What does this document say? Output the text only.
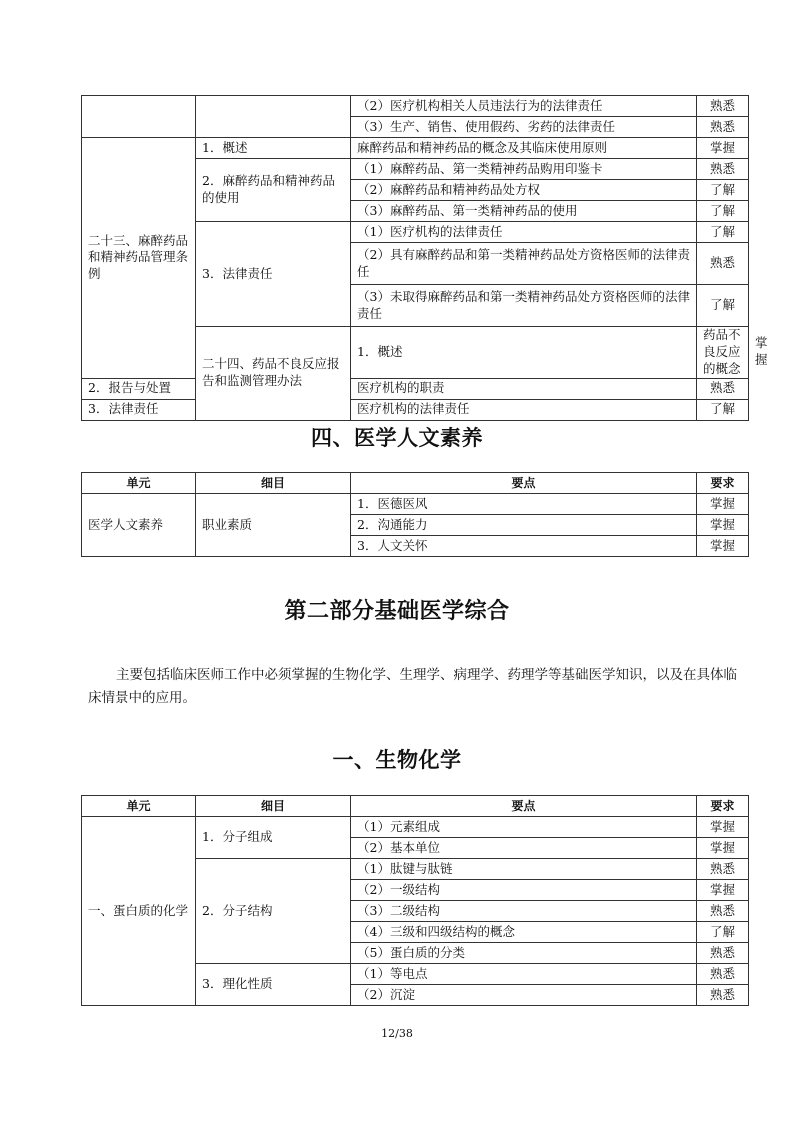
		（2）医疗机构相关人员违法行为的法律责任	熟悉	
		（3）生产、销售、使用假药、劣药的法律责任	熟悉	
二十三、麻醉药品和精神药品管理条例	1．概述	麻醉药品和精神药品的概念及其临床使用原则	掌握	
	2．麻醉药品和精神药品的使用	（1）麻醉药品、第一类精神药品购用印鉴卡	熟悉	
		（2）麻醉药品和精神药品处方权	了解	
		（3）麻醉药品、第一类精神药品的使用	了解	
	3．法律责任	（1）医疗机构的法律责任	了解	
		（2）具有麻醉药品和第一类精神药品处方资格医师的法律责任	熟悉	
		（3）未取得麻醉药品和第一类精神药品处方资格医师的法律责任	了解	
	二十四、药品不良反应报告和监测管理办法	1．概述	药品不良反应的概念	掌握
2．报告与处置		医疗机构的职责	熟悉	
3．法律责任		医疗机构的法律责任	了解	
四、医学人文素养
单元	细目	要点	要求
医学人文素养	职业素质	1．医德医风	掌握
		2．沟通能力	掌握
		3．人文关怀	掌握
第二部分基础医学综合
主要包括临床医师工作中必须掌握的生物化学、生理学、病理学、药理学等基础医学知识，以及在具体临床情景中的应用。
一、生物化学
单元	细目	要点	要求
一、蛋白质的化学	1．分子组成	（1）元素组成	掌握
		（2）基本单位	掌握
	2．分子结构	（1）肽键与肽链	熟悉
		（2）一级结构	掌握
		（3）二级结构	熟悉
		（4）三级和四级结构的概念	了解
		（5）蛋白质的分类	熟悉
	3．理化性质	（1）等电点	熟悉
		（2）沉淀	熟悉
12/38
